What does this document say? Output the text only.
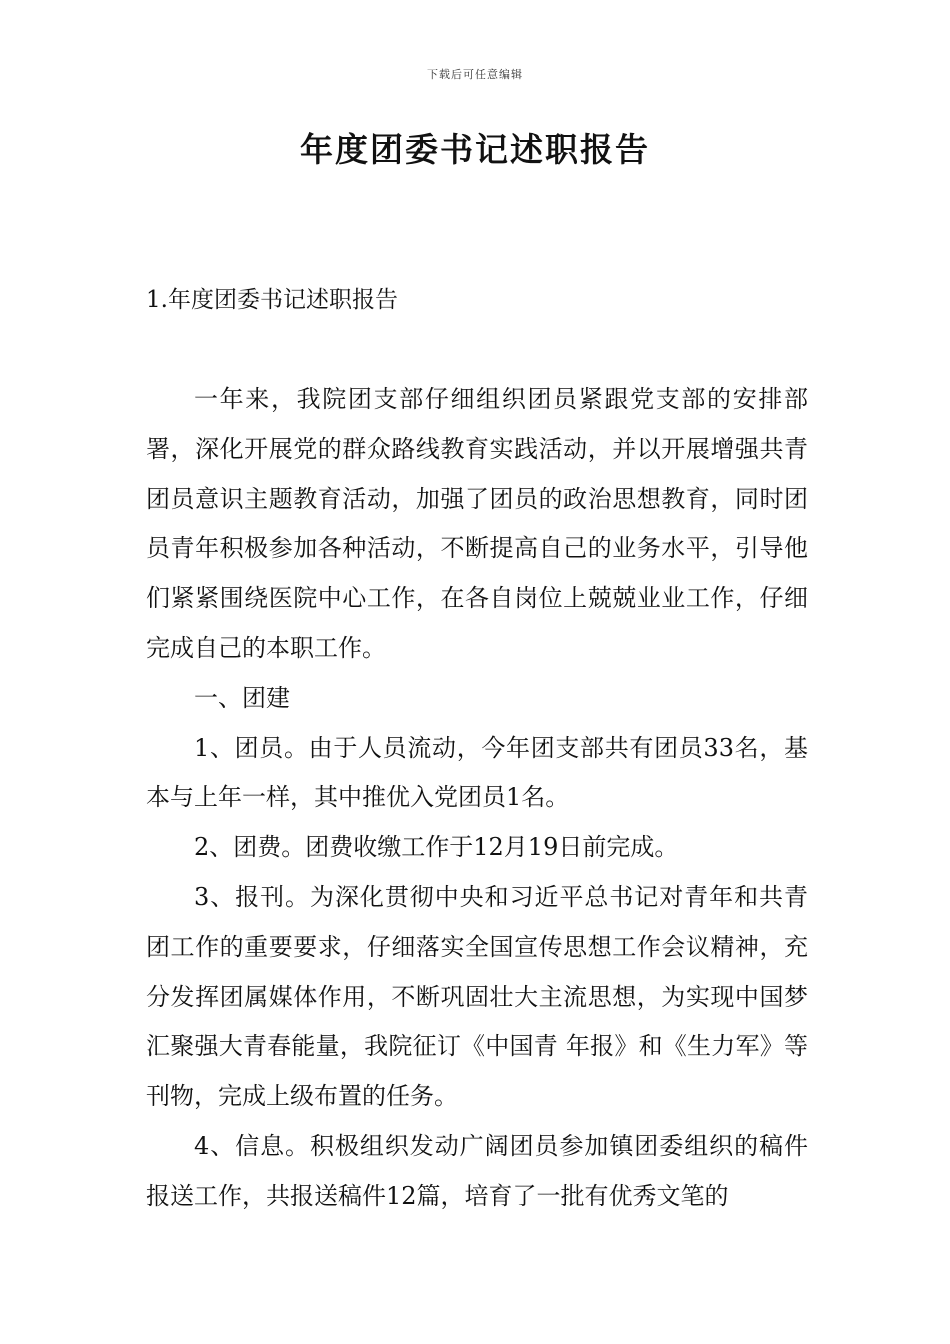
下载后可任意编辑
年度团委书记述职报告
1.年度团委书记述职报告

一年来，我院团支部仔细组织团员紧跟党支部的安排部署，深化开展党的群众路线教育实践活动，并以开展增强共青团员意识主题教育活动，加强了团员的政治思想教育，同时团员青年积极参加各种活动，不断提高自己的业务水平，引导他们紧紧围绕医院中心工作，在各自岗位上兢兢业业工作，仔细完成自己的本职工作。

一、团建

1、团员。由于人员流动，今年团支部共有团员33名，基本与上年一样，其中推优入党团员1名。

2、团费。团费收缴工作于12月19日前完成。

3、报刊。为深化贯彻中央和习近平总书记对青年和共青团工作的重要要求，仔细落实全国宣传思想工作会议精神，充分发挥团属媒体作用，不断巩固壮大主流思想，为实现中国梦汇聚强大青春能量，我院征订《中国青 年报》和《生力军》等刊物，完成上级布置的任务。

4、信息。积极组织发动广阔团员参加镇团委组织的稿件报送工作，共报送稿件12篇，培育了一批有优秀文笔的
